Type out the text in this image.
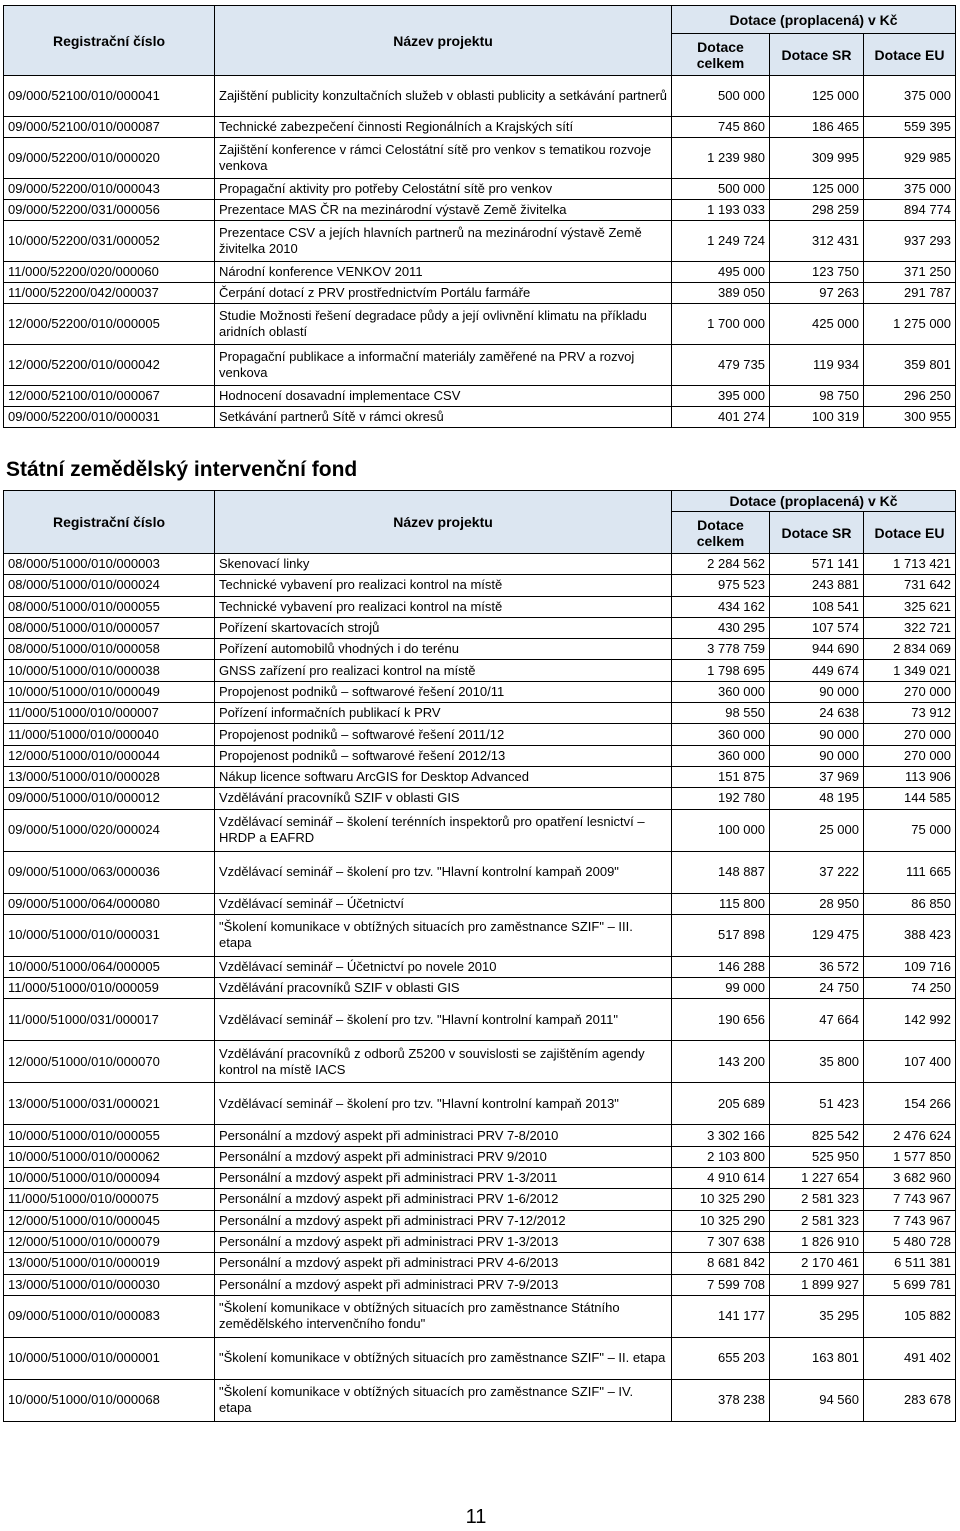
Registrační číslo	Název projektu	Dotace (proplacená) v Kč		
		Dotace celkem	Dotace SR	Dotace EU
09/000/52100/010/000041	Zajištění publicity konzultačních služeb v oblasti publicity a setkávání partnerů	500 000	125 000	375 000
09/000/52100/010/000087	Technické zabezpečení činnosti Regionálních a Krajských sítí	745 860	186 465	559 395
09/000/52200/010/000020	Zajištění konference v rámci Celostátní sítě pro venkov s tematikou rozvoje venkova	1 239 980	309 995	929 985
09/000/52200/010/000043	Propagační aktivity pro potřeby Celostátní sítě pro venkov	500 000	125 000	375 000
09/000/52200/031/000056	Prezentace MAS ČR na mezinárodní výstavě Země živitelka	1 193 033	298 259	894 774
10/000/52200/031/000052	Prezentace CSV a jejích hlavních partnerů na mezinárodní výstavě Země živitelka 2010	1 249 724	312 431	937 293
11/000/52200/020/000060	Národní konference VENKOV 2011	495 000	123 750	371 250
11/000/52200/042/000037	Čerpání dotací z PRV prostřednictvím Portálu farmáře	389 050	97 263	291 787
12/000/52200/010/000005	Studie Možnosti řešení degradace půdy a její ovlivnění klimatu na příkladu aridních oblastí	1 700 000	425 000	1 275 000
12/000/52200/010/000042	Propagační publikace a informační materiály zaměřené na PRV a rozvoj venkova	479 735	119 934	359 801
12/000/52100/010/000067	Hodnocení dosavadní implementace CSV	395 000	98 750	296 250
09/000/52200/010/000031	Setkávání partnerů Sítě v rámci okresů	401 274	100 319	300 955
Státní zemědělský intervenční fond
Registrační číslo	Název projektu	Dotace (proplacená) v Kč		
		Dotace celkem	Dotace SR	Dotace EU
08/000/51000/010/000003	Skenovací linky	2 284 562	571 141	1 713 421
08/000/51000/010/000024	Technické vybavení pro realizaci kontrol na místě	975 523	243 881	731 642
08/000/51000/010/000055	Technické vybavení pro realizaci kontrol na místě	434 162	108 541	325 621
08/000/51000/010/000057	Pořízení skartovacích strojů	430 295	107 574	322 721
08/000/51000/010/000058	Pořízení automobilů vhodných i do terénu	3 778 759	944 690	2 834 069
10/000/51000/010/000038	GNSS zařízení pro realizaci kontrol na místě	1 798 695	449 674	1 349 021
10/000/51000/010/000049	Propojenost podniků – softwarové řešení 2010/11	360 000	90 000	270 000
11/000/51000/010/000007	Pořízení informačních publikací k PRV	98 550	24 638	73 912
11/000/51000/010/000040	Propojenost podniků – softwarové řešení 2011/12	360 000	90 000	270 000
12/000/51000/010/000044	Propojenost podniků – softwarové řešení 2012/13	360 000	90 000	270 000
13/000/51000/010/000028	Nákup licence softwaru ArcGIS for Desktop Advanced	151 875	37 969	113 906
09/000/51000/010/000012	Vzdělávání pracovníků SZIF v oblasti GIS	192 780	48 195	144 585
09/000/51000/020/000024	Vzdělávací seminář – školení terénních inspektorů pro opatření lesnictví – HRDP a EAFRD	100 000	25 000	75 000
09/000/51000/063/000036	Vzdělávací seminář – školení pro tzv. "Hlavní kontrolní kampaň 2009"	148 887	37 222	111 665
09/000/51000/064/000080	Vzdělávací seminář – Účetnictví	115 800	28 950	86 850
10/000/51000/010/000031	"Školení komunikace v obtížných situacích pro zaměstnance SZIF" – III. etapa	517 898	129 475	388 423
10/000/51000/064/000005	Vzdělávací seminář – Účetnictví po novele 2010	146 288	36 572	109 716
11/000/51000/010/000059	Vzdělávání pracovníků SZIF v oblasti GIS	99 000	24 750	74 250
11/000/51000/031/000017	Vzdělávací seminář – školení pro tzv. "Hlavní kontrolní kampaň 2011"	190 656	47 664	142 992
12/000/51000/010/000070	Vzdělávání pracovníků z odborů Z5200 v souvislosti se zajištěním agendy kontrol na místě IACS	143 200	35 800	107 400
13/000/51000/031/000021	Vzdělávací seminář – školení pro tzv. "Hlavní kontrolní kampaň 2013"	205 689	51 423	154 266
10/000/51000/010/000055	Personální a mzdový aspekt při administraci PRV 7-8/2010	3 302 166	825 542	2 476 624
10/000/51000/010/000062	Personální a mzdový aspekt při administraci PRV 9/2010	2 103 800	525 950	1 577 850
10/000/51000/010/000094	Personální a mzdový aspekt při administraci PRV 1-3/2011	4 910 614	1 227 654	3 682 960
11/000/51000/010/000075	Personální a mzdový aspekt při administraci PRV 1-6/2012	10 325 290	2 581 323	7 743 967
12/000/51000/010/000045	Personální a mzdový aspekt při administraci PRV 7-12/2012	10 325 290	2 581 323	7 743 967
12/000/51000/010/000079	Personální a mzdový aspekt při administraci PRV 1-3/2013	7 307 638	1 826 910	5 480 728
13/000/51000/010/000019	Personální a mzdový aspekt při administraci PRV 4-6/2013	8 681 842	2 170 461	6 511 381
13/000/51000/010/000030	Personální a mzdový aspekt při administraci PRV 7-9/2013	7 599 708	1 899 927	5 699 781
09/000/51000/010/000083	"Školení komunikace v obtížných situacích pro zaměstnance Státního zemědělského intervenčního fondu"	141 177	35 295	105 882
10/000/51000/010/000001	"Školení komunikace v obtížných situacích pro zaměstnance SZIF" – II. etapa	655 203	163 801	491 402
10/000/51000/010/000068	"Školení komunikace v obtížných situacích pro zaměstnance SZIF" – IV. etapa	378 238	94 560	283 678
11
